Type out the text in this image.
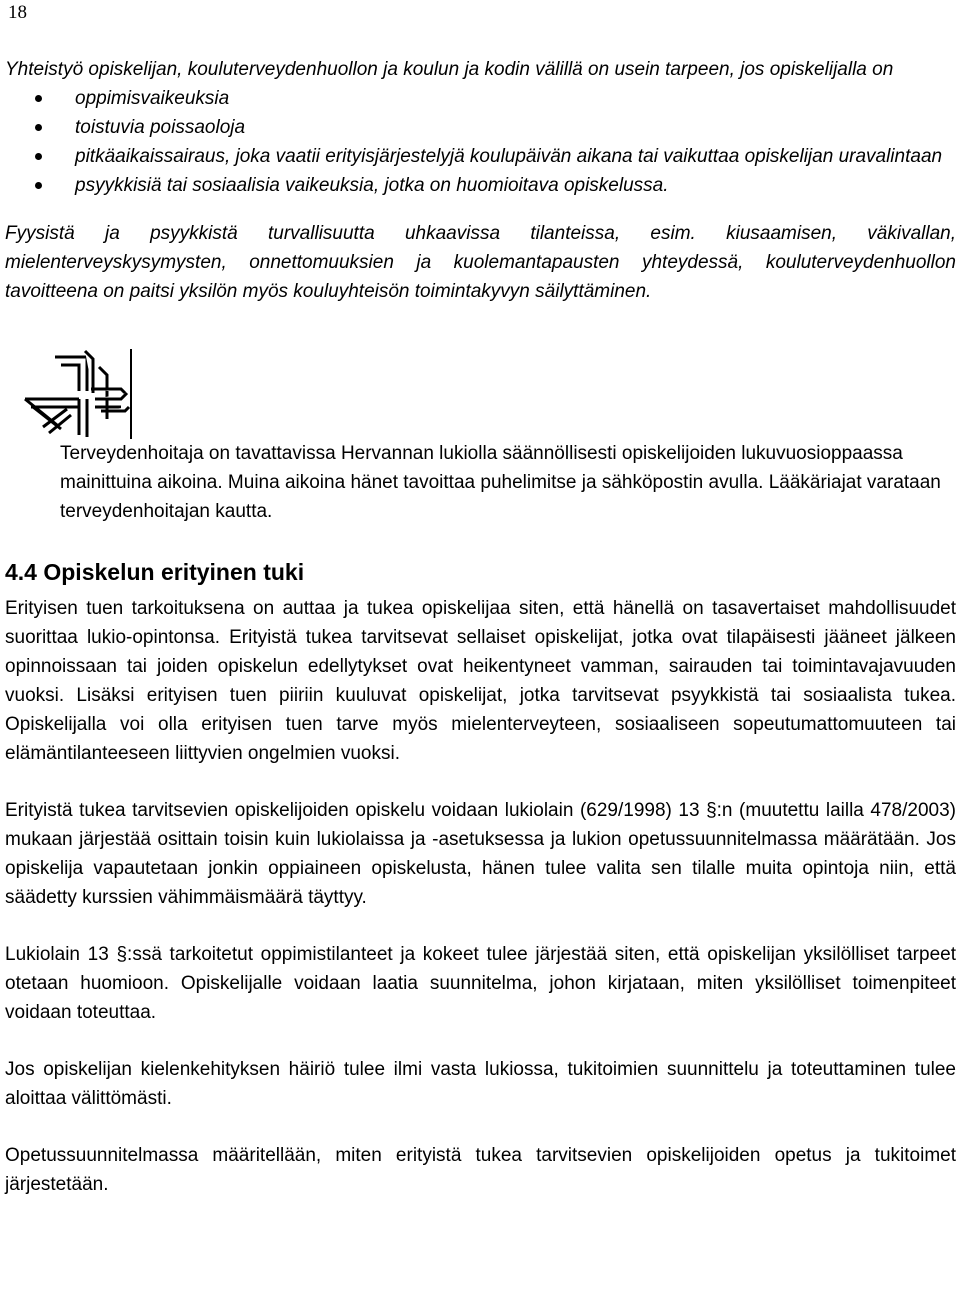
18

Yhteistyö opiskelijan, kouluterveydenhuollon ja koulun ja kodin välillä on usein tarpeen, jos opiskelijalla on

oppimisvaikeuksia
toistuvia poissaoloja
pitkäaikaissairaus, joka vaatii erityisjärjestelyjä koulupäivän aikana tai vaikuttaa opiskelijan uravalintaan
psyykkisiä tai sosiaalisia vaikeuksia, jotka on huomioitava opiskelussa.

Fyysistä ja psyykkistä turvallisuutta uhkaavissa tilanteissa, esim. kiusaamisen, väkivallan, mielenterveyskysymysten, onnettomuuksien ja kuolemantapausten yhteydessä, kouluterveydenhuollon tavoitteena on paitsi yksilön myös kouluyhteisön toimintakyvyn säilyttäminen.

Terveydenhoitaja on tavattavissa Hervannan lukiolla säännöllisesti opiskelijoiden lukuvuosioppaassa mainittuina aikoina. Muina aikoina hänet tavoittaa puhelimitse ja sähköpostin avulla. Lääkäriajat varataan terveydenhoitajan kautta.

4.4 Opiskelun erityinen tuki

Erityisen tuen tarkoituksena on auttaa ja tukea opiskelijaa siten, että hänellä on tasavertaiset mahdollisuudet suorittaa lukio-opintonsa. Erityistä tukea tarvitsevat sellaiset opiskelijat, jotka ovat tilapäisesti jääneet jälkeen opinnoissaan tai joiden opiskelun edellytykset ovat heikentyneet vamman, sairauden tai toimintavajavuuden vuoksi. Lisäksi erityisen tuen piiriin kuuluvat opiskelijat, jotka tarvitsevat psyykkistä tai sosiaalista tukea. Opiskelijalla voi olla erityisen tuen tarve myös mielenterveyteen, sosiaaliseen sopeutumattomuuteen tai elämäntilanteeseen liittyvien ongelmien vuoksi.

Erityistä tukea tarvitsevien opiskelijoiden opiskelu voidaan lukiolain (629/1998) 13 §:n (muutettu lailla 478/2003) mukaan järjestää osittain toisin kuin lukiolaissa ja -asetuksessa ja lukion opetussuunnitelmassa määrätään. Jos opiskelija vapautetaan jonkin oppiaineen opiskelusta, hänen tulee valita sen tilalle muita opintoja niin, että säädetty kurssien vähimmäismäärä täyttyy.

Lukiolain 13 §:ssä tarkoitetut oppimistilanteet ja kokeet tulee järjestää siten, että opiskelijan yksilölliset tarpeet otetaan huomioon. Opiskelijalle voidaan laatia suunnitelma, johon kirjataan, miten yksilölliset toimenpiteet voidaan toteuttaa.

Jos opiskelijan kielenkehityksen häiriö tulee ilmi vasta lukiossa, tukitoimien suunnittelu ja toteuttaminen tulee aloittaa välittömästi.

Opetussuunnitelmassa määritellään, miten erityistä tukea tarvitsevien opiskelijoiden opetus ja tukitoimet järjestetään.
